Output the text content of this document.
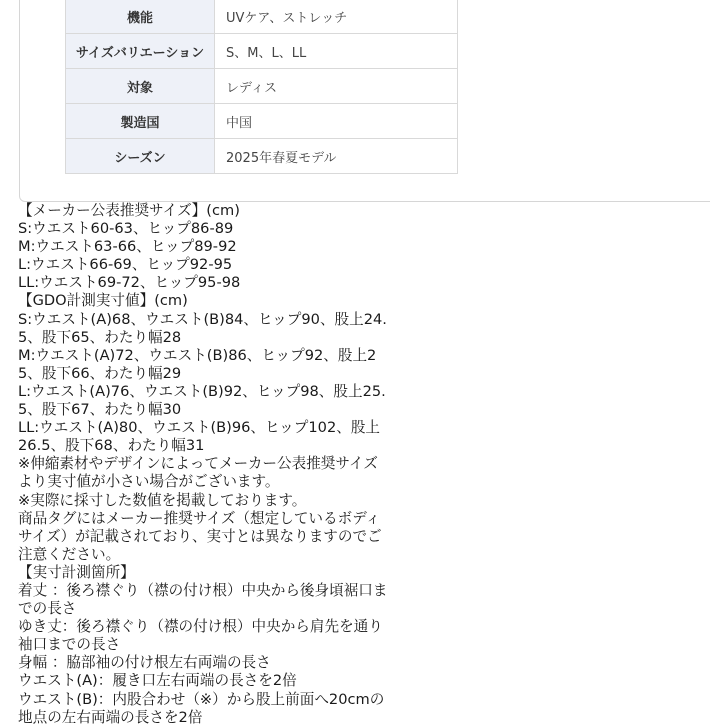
機能	UVケア、ストレッチ
サイズバリエーション	S、M、L、LL
対象	レディス
製造国	中国
シーズン	2025年春夏モデル
【メーカー公表推奨サイズ】(cm)
S:ウエスト60-63、ヒップ86-89
M:ウエスト63-66、ヒップ89-92
L:ウエスト66-69、ヒップ92-95
LL:ウエスト69-72、ヒップ95-98
【GDO計測実寸値】(cm)
S:ウエスト(A)68、ウエスト(B)84、ヒップ90、股上24.
5、股下65、わたり幅28
M:ウエスト(A)72、ウエスト(B)86、ヒップ92、股上2
5、股下66、わたり幅29
L:ウエスト(A)76、ウエスト(B)92、ヒップ98、股上25.
5、股下67、わたり幅30
LL:ウエスト(A)80、ウエスト(B)96、ヒップ102、股上
26.5、股下68、わたり幅31
※伸縮素材やデザインによってメーカー公表推奨サイズ
より実寸値が小さい場合がございます。
※実際に採寸した数値を掲載しております。
商品タグにはメーカー推奨サイズ（想定しているボディ
サイズ）が記載されており、実寸とは異なりますのでご
注意ください。
【実寸計測箇所】
着丈 ：後ろ襟ぐり（襟の付け根）中央から後身頃裾口ま
での長さ
ゆき丈：後ろ襟ぐり（襟の付け根）中央から肩先を通り
袖口までの長さ
身幅 ：脇部袖の付け根左右両端の長さ
ウエスト(A)：履き口左右両端の長さを2倍
ウエスト(B)：内股合わせ（※）から股上前面へ20cmの
地点の左右両端の長さを2倍
